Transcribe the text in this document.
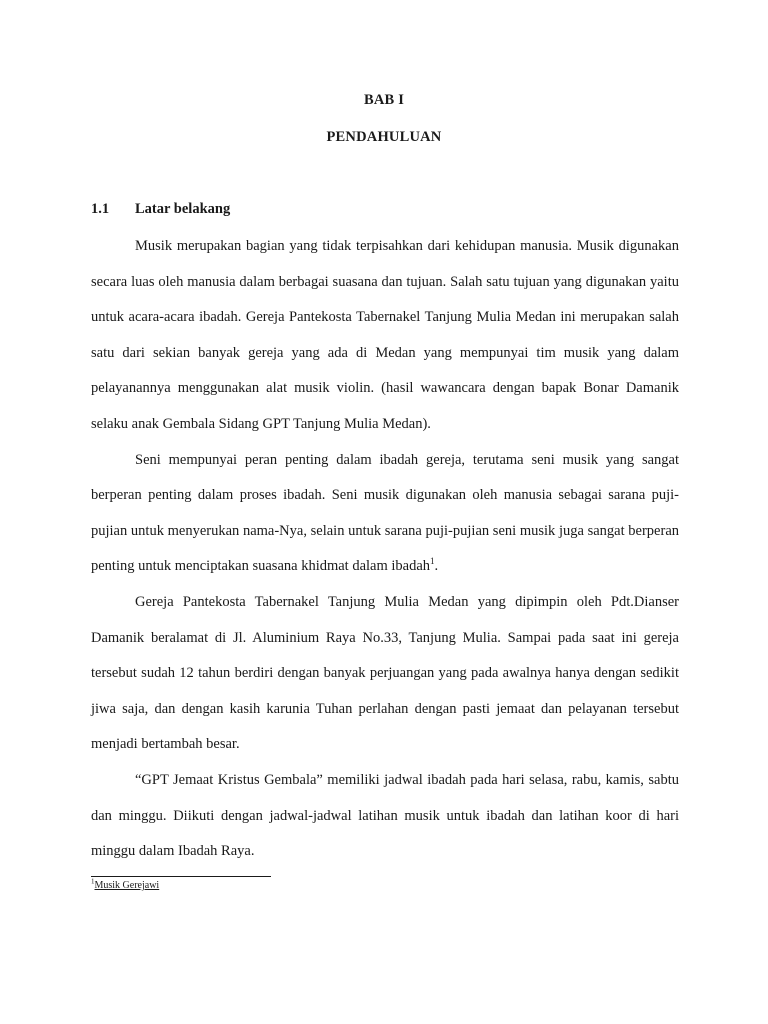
BAB I
PENDAHULUAN
1.1 Latar belakang

Musik merupakan bagian yang tidak terpisahkan dari kehidupan manusia. Musik digunakan secara luas oleh manusia dalam berbagai suasana dan tujuan. Salah satu tujuan yang digunakan yaitu untuk acara-acara ibadah. Gereja Pantekosta Tabernakel Tanjung Mulia Medan ini merupakan salah satu dari sekian banyak gereja yang ada di Medan yang mempunyai tim musik yang dalam pelayanannya menggunakan alat musik violin. (hasil wawancara dengan bapak Bonar Damanik selaku anak Gembala Sidang GPT Tanjung Mulia Medan).

Seni mempunyai peran penting dalam ibadah gereja, terutama seni musik yang sangat berperan penting dalam proses ibadah. Seni musik digunakan oleh manusia sebagai sarana puji-pujian untuk menyerukan nama-Nya, selain untuk sarana puji-pujian seni musik juga sangat berperan penting untuk menciptakan suasana khidmat dalam ibadah$^1$.

Gereja Pantekosta Tabernakel Tanjung Mulia Medan yang dipimpin oleh Pdt.Dianser Damanik beralamat di Jl. Aluminium Raya No.33, Tanjung Mulia. Sampai pada saat ini gereja tersebut sudah 12 tahun berdiri dengan banyak perjuangan yang pada awalnya hanya dengan sedikit jiwa saja, dan dengan kasih karunia Tuhan perlahan dengan pasti jemaat dan pelayanan tersebut menjadi bertambah besar.

“GPT Jemaat Kristus Gembala” memiliki jadwal ibadah pada hari selasa, rabu, kamis, sabtu dan minggu. Diikuti dengan jadwal-jadwal latihan musik untuk ibadah dan latihan koor di hari minggu dalam Ibadah Raya.

$^1$Musik Gerejawi
